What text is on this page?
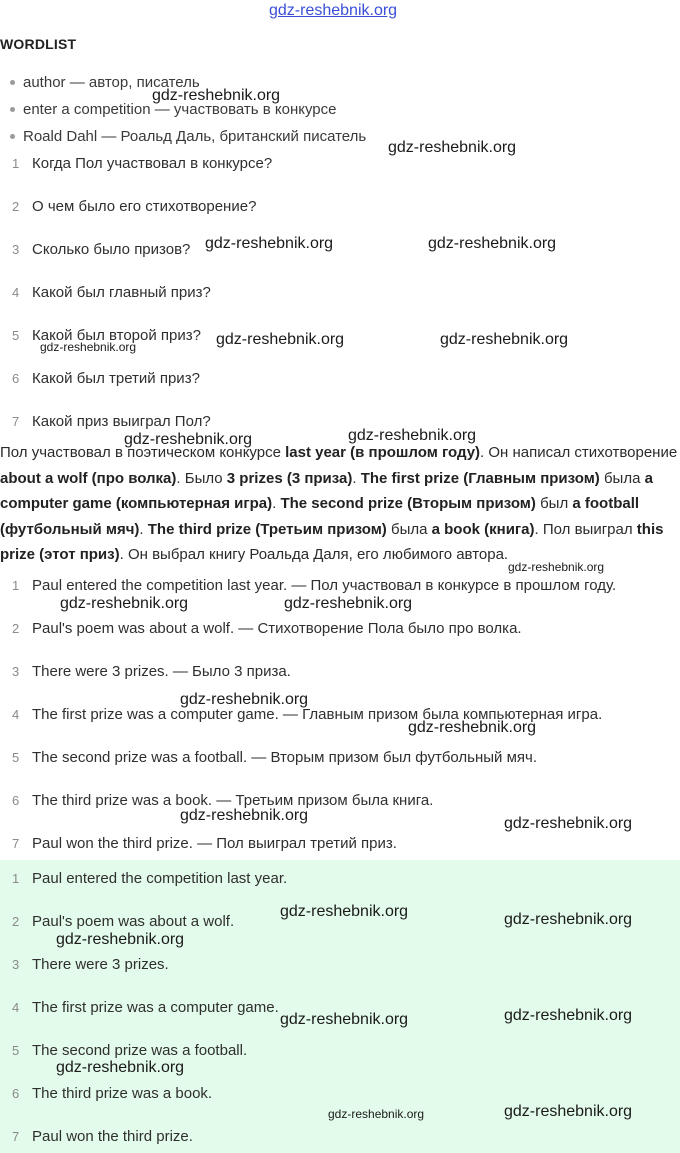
gdz-reshebnik.org
WORDLIST
author — автор, писатель
enter a competition — участвовать в конкурсе
Roald Dahl — Роальд Даль, британский писатель
1 Когда Пол участвовал в конкурсе?
2 О чем было его стихотворение?
3 Сколько было призов?
4 Какой был главный приз?
5 Какой был второй приз?
6 Какой был третий приз?
7 Какой приз выиграл Пол?
Пол участвовал в поэтическом конкурсе last year (в прошлом году). Он написал стихотворение about a wolf (про волка). Было 3 prizes (3 приза). The first prize (Главным призом) была a computer game (компьютерная игра). The second prize (Вторым призом) был a football (футбольный мяч). The third prize (Третьим призом) была a book (книга). Пол выиграл this prize (этот приз). Он выбрал книгу Роальда Даля, его любимого автора.
1 Paul entered the competition last year. — Пол участвовал в конкурсе в прошлом году.
2 Paul's poem was about a wolf. — Стихотворение Пола было про волка.
3 There were 3 prizes. — Было 3 приза.
4 The first prize was a computer game. — Главным призом была компьютерная игра.
5 The second prize was a football. — Вторым призом был футбольный мяч.
6 The third prize was a book. — Третьим призом была книга.
7 Paul won the third prize. — Пол выиграл третий приз.
1 Paul entered the competition last year.
2 Paul's poem was about a wolf.
3 There were 3 prizes.
4 The first prize was a computer game.
5 The second prize was a football.
6 The third prize was a book.
7 Paul won the third prize.
gdz-reshebnik.org
gdz-reshebnik.org
gdz-reshebnik.org	gdz-reshebnik.org
gdz-reshebnik.org	gdz-reshebnik.org
gdz-reshebnik.org
gdz-reshebnik.org	gdz-reshebnik.org
gdz-reshebnik.org
gdz-reshebnik.org	gdz-reshebnik.org
gdz-reshebnik.org
gdz-reshebnik.org
gdz-reshebnik.org	gdz-reshebnik.org
gdz-reshebnik.org	gdz-reshebnik.org
gdz-reshebnik.org
gdz-reshebnik.org	gdz-reshebnik.org
gdz-reshebnik.org
gdz-reshebnik.org	gdz-reshebnik.org
